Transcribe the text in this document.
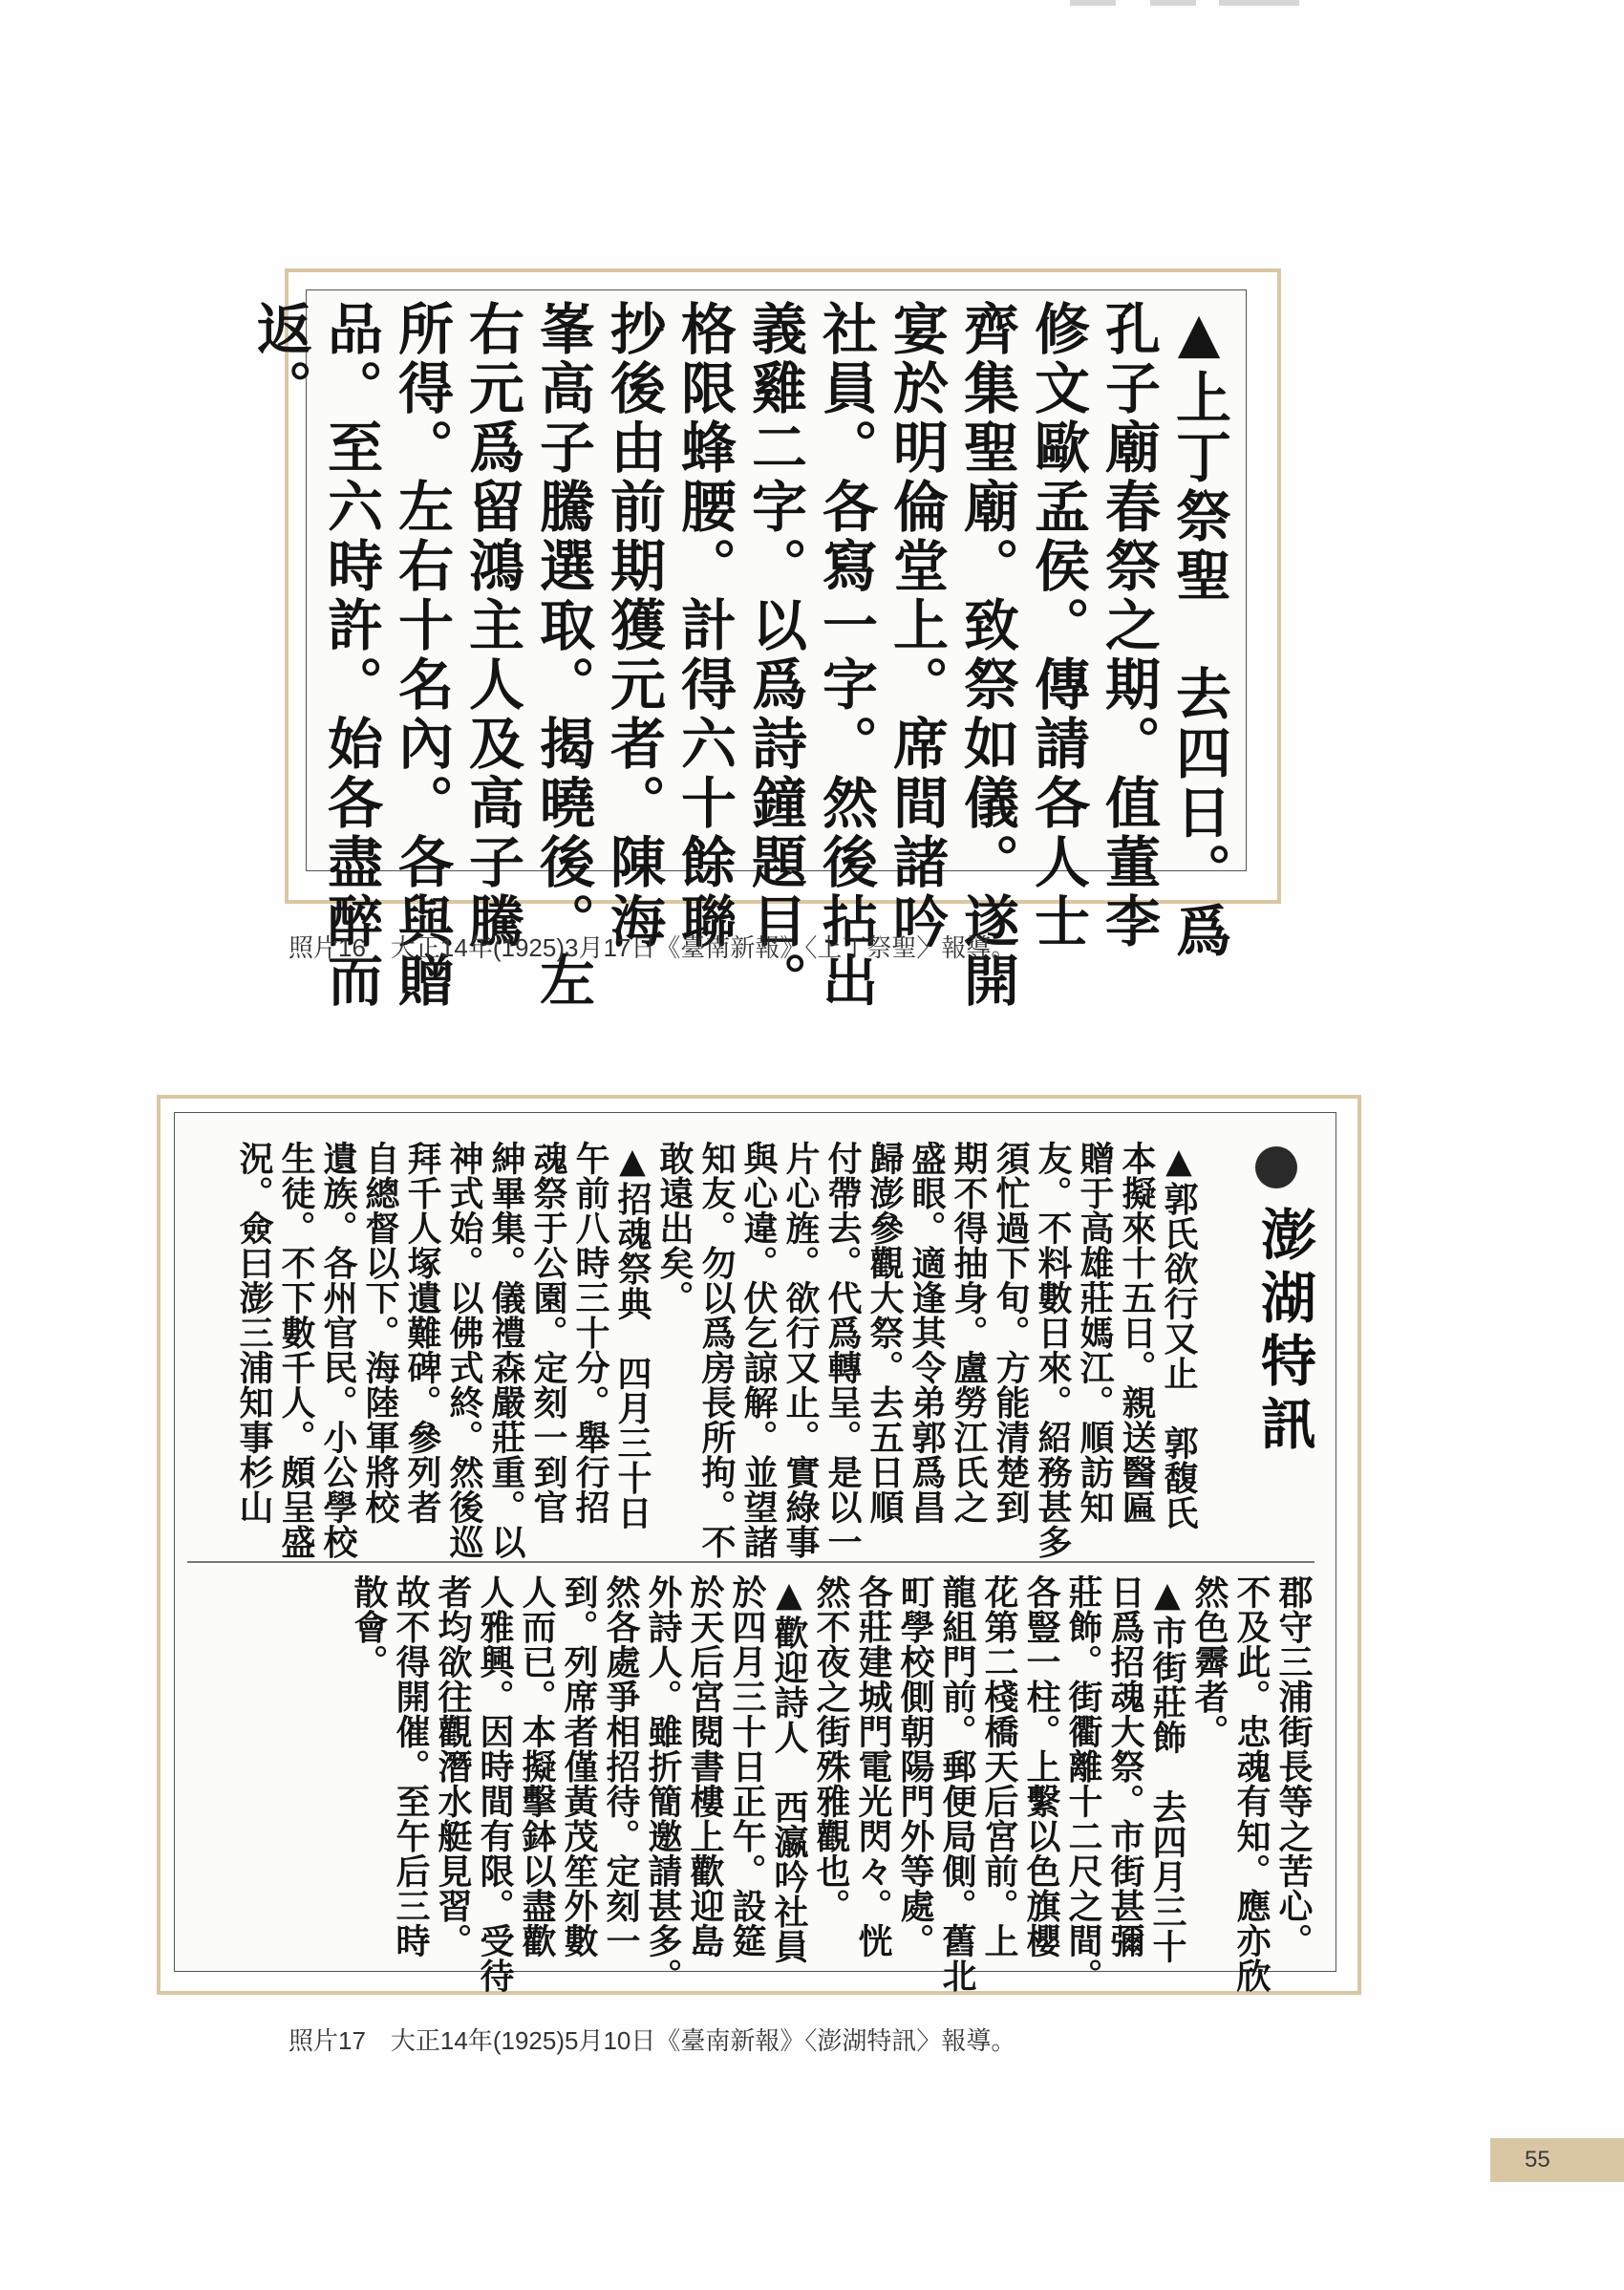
▲上丁祭聖　去四日。爲
孔子廟春祭之期。值董李
修文歐孟侯。傳請各人士
齊集聖廟。致祭如儀。遂開
宴於明倫堂上。席間諸吟
社員。各寫一字。然後拈出
義雞二字。以爲詩鐘題目。
格限蜂腰。計得六十餘聯
抄後由前期獲元者。陳海
峯高子騰選取。揭曉後。左
右元爲留鴻主人及高子騰
所得。左右十名內。各與贈
品。至六時許。始各盡醉而
返。
照片16　大正14年(1925)3月17日《臺南新報》〈上丁祭聖〉報導。
澎湖特訊
▲郭氏欲行又止　郭馥氏
本擬來十五日。親送醫匾
贈于高雄莊媽江。順訪知
友。不料數日來。紹務甚多
須忙過下旬。方能清楚到
期不得抽身。盧勞江氏之
盛眼。適逢其令弟郭爲昌
歸澎參觀大祭。去五日順
付帶去。代爲轉呈。是以一
片心旌。欲行又止。實綠事
與心違。伏乞諒解。並望諸
知友。勿以爲房長所拘。不
敢遠出矣。
▲招魂祭典　四月三十日
午前八時三十分。舉行招
魂祭于公園。定刻一到官
紳畢集。儀禮森嚴莊重。以
神式始。以佛式終。然後巡
拜千人塚遺難碑。參列者
自總督以下。海陸軍將校
遺族。各州官民。小公學校
生徒。不下數千人。頗呈盛
況。僉曰澎三浦知事杉山
郡守三浦街長等之苦心。
不及此。忠魂有知。應亦欣
然色霽者。
▲市街莊飾　去四月三十
日爲招魂大祭。市街甚彌
莊飾。街衢離十二尺之間。
各豎一柱。上繫以色旗櫻
花第二棧橋天后宮前。上
龍組門前。郵便局側。舊北
町學校側朝陽門外等處。
各莊建城門電光閃々。恍
然不夜之街殊雅觀也。
▲歡迎詩人　西瀛吟社員
於四月三十日正午。設筵
於天后宮閱書樓上歡迎島
外詩人。雖折簡邀請甚多。
然各處爭相招待。定刻一
到。列席者僅黃茂笙外數
人而已。本擬擊鉢以盡歡
人雅興。因時間有限。受待
者均欲往觀潛水艇見習。
故不得開催。至午后三時
散會。
照片17　大正14年(1925)5月10日《臺南新報》〈澎湖特訊〉報導。
55
